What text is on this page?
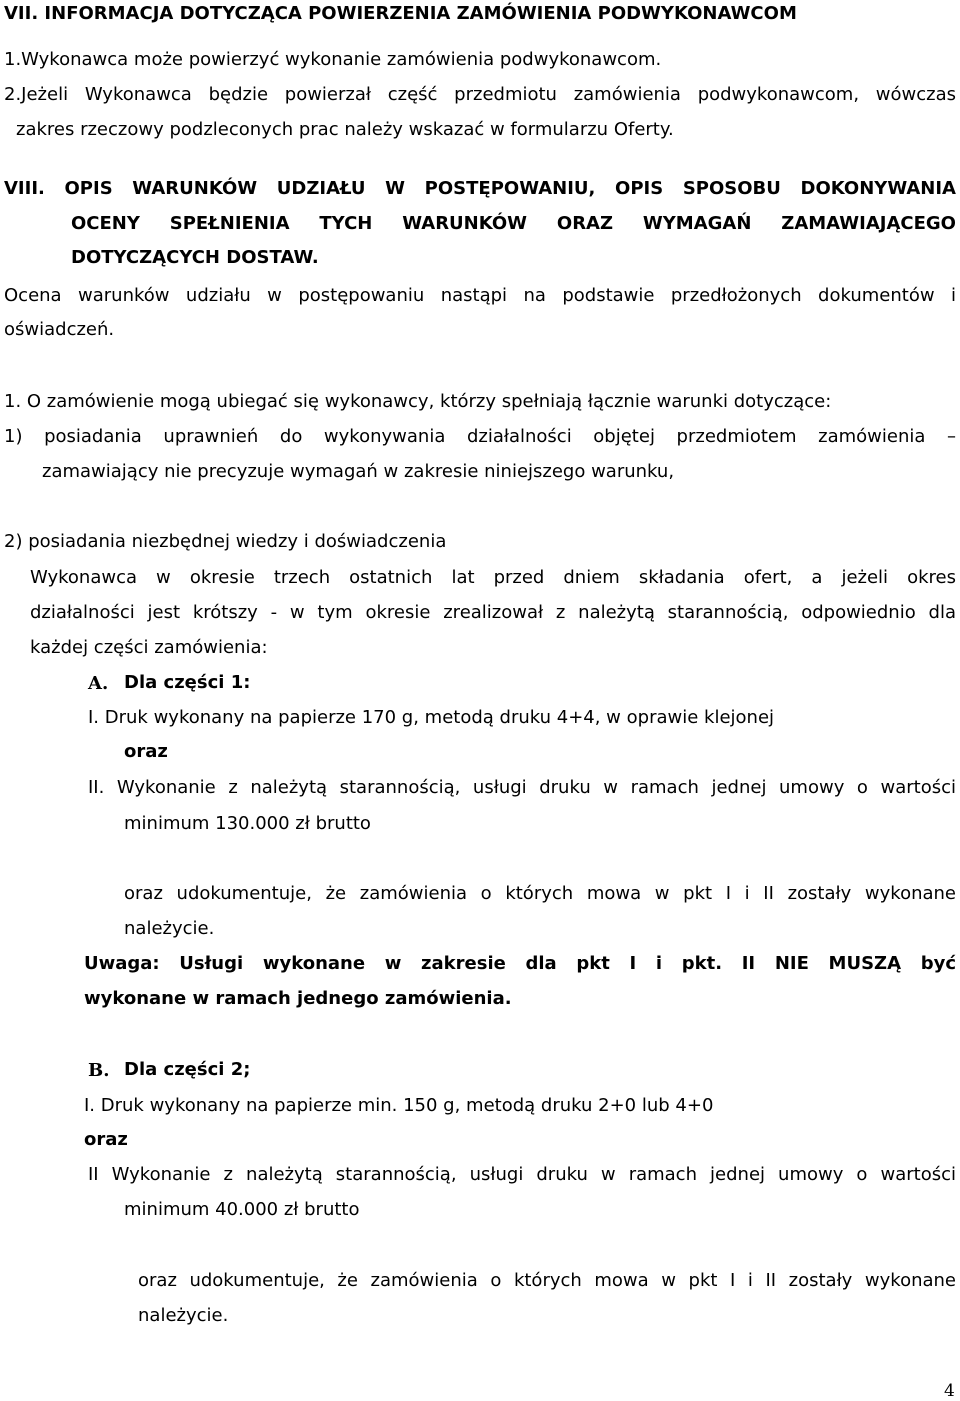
VII. INFORMACJA DOTYCZĄCA POWIERZENIA ZAMÓWIENIA PODWYKONAWCOM
1.Wykonawca może powierzyć wykonanie zamówienia podwykonawcom.
2.Jeżeli Wykonawca będzie powierzał część przedmiotu zamówienia podwykonawcom, wówczas
zakres rzeczowy podzleconych prac należy wskazać w formularzu Oferty.
VIII. OPIS WARUNKÓW UDZIAŁU W POSTĘPOWANIU, OPIS SPOSOBU DOKONYWANIA
OCENY SPEŁNIENIA TYCH WARUNKÓW ORAZ WYMAGAŃ ZAMAWIAJĄCEGO
DOTYCZĄCYCH DOSTAW.
Ocena warunków udziału w postępowaniu nastąpi na podstawie przedłożonych dokumentów i
oświadczeń.
1. O zamówienie mogą ubiegać się wykonawcy, którzy spełniają łącznie warunki dotyczące:
1) posiadania uprawnień do wykonywania działalności objętej przedmiotem zamówienia –
zamawiający nie precyzuje wymagań w zakresie niniejszego warunku,
2) posiadania niezbędnej wiedzy i doświadczenia
Wykonawca w okresie trzech ostatnich lat przed dniem składania ofert, a jeżeli okres
działalności jest krótszy - w tym okresie zrealizował z należytą starannością, odpowiednio dla
każdej części zamówienia:
A. Dla części 1:
I. Druk wykonany na papierze 170 g, metodą druku 4+4, w oprawie klejonej
oraz
II. Wykonanie z należytą starannością, usługi druku w ramach jednej umowy o wartości
minimum 130.000 zł brutto
oraz udokumentuje, że zamówienia o których mowa w pkt I i II zostały wykonane
należycie.
Uwaga: Usługi wykonane w zakresie dla pkt I i pkt. II NIE MUSZĄ być
wykonane w ramach jednego zamówienia.
B. Dla części 2;
I. Druk wykonany na papierze min. 150 g, metodą druku 2+0 lub 4+0
oraz
II Wykonanie z należytą starannością, usługi druku w ramach jednej umowy o wartości
minimum 40.000 zł brutto
oraz udokumentuje, że zamówienia o których mowa w pkt I i II zostały wykonane
należycie.
4
